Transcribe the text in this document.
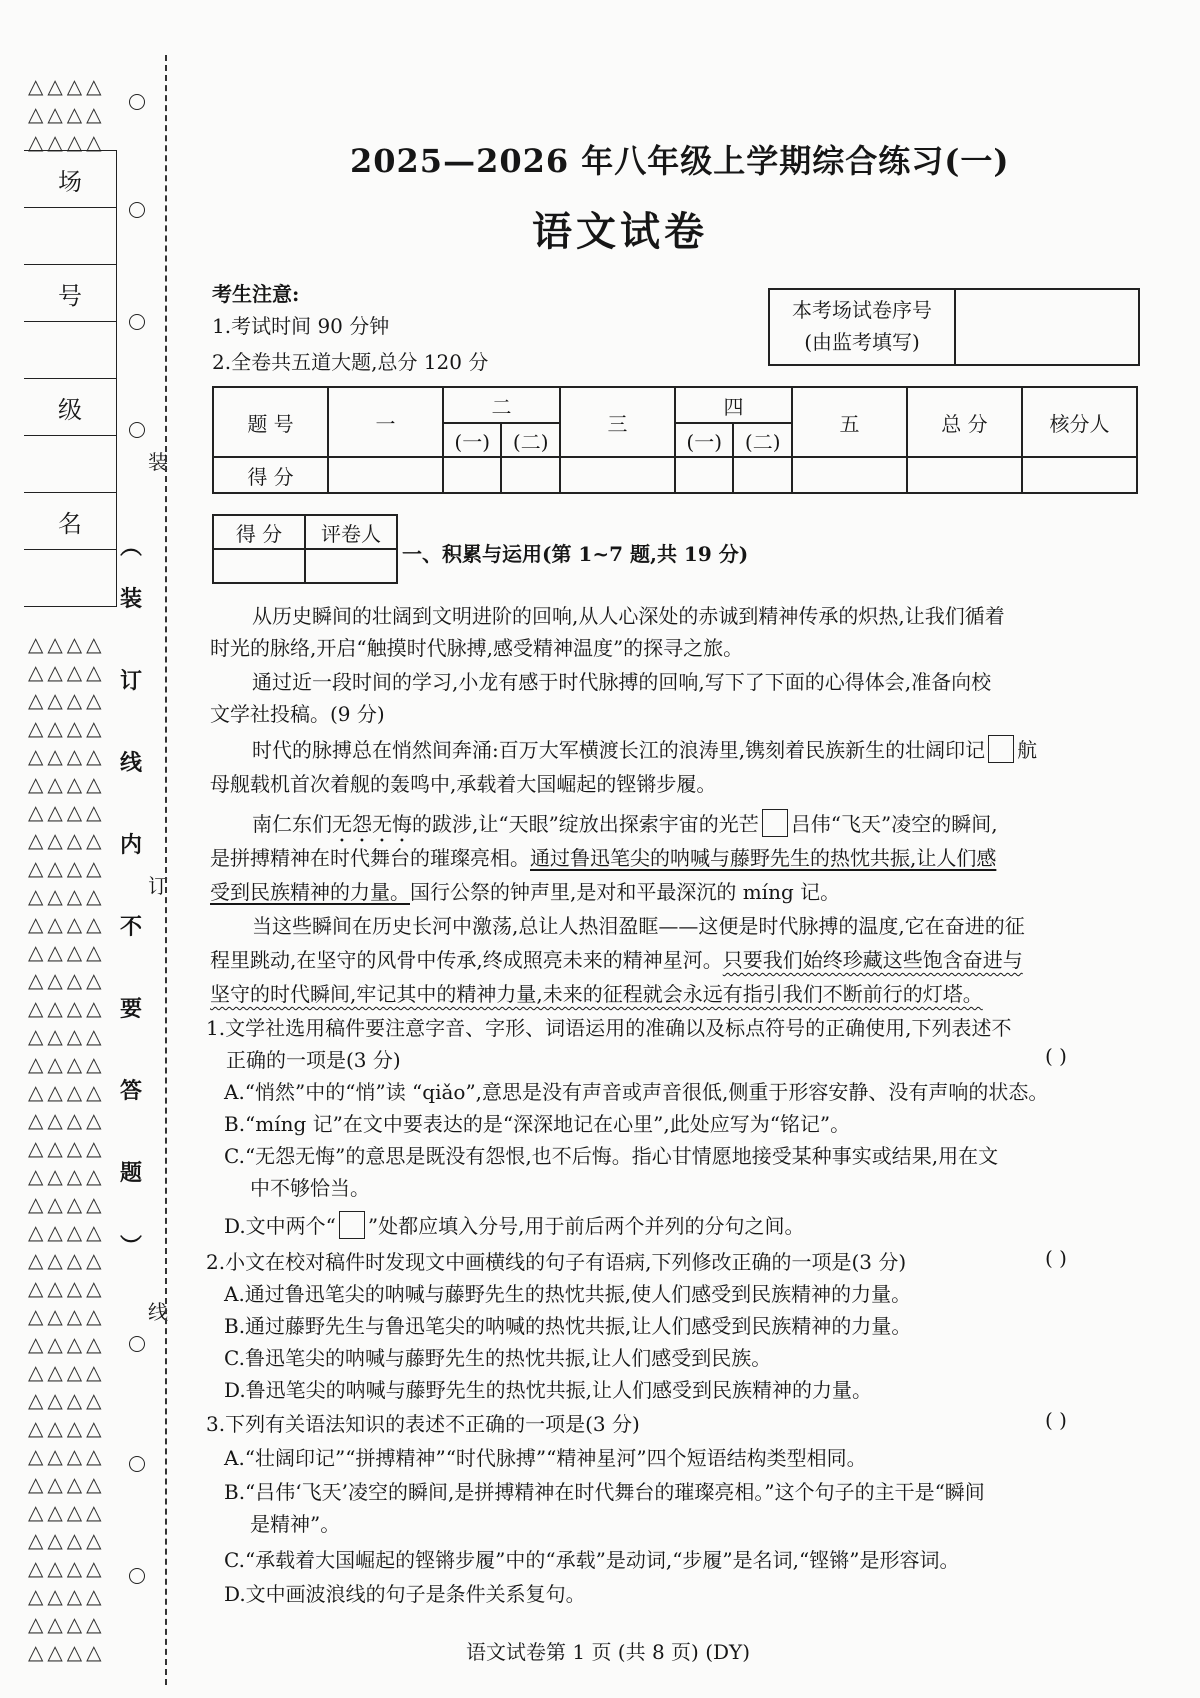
△△△△
△△△△
△△△△
场
号
级
名
△△△△
△△△△
△△△△
△△△△
△△△△
△△△△
△△△△
△△△△
△△△△
△△△△
△△△△
△△△△
△△△△
△△△△
△△△△
△△△△
△△△△
△△△△
△△△△
△△△△
△△△△
△△△△
△△△△
△△△△
△△△△
△△△△
△△△△
△△△△
△△△△
△△△△
△△△△
△△△△
△△△△
△△△△
△△△△
△△△△
△△△△
装
订
线
︵
装
订
线
内
不
要
答
题
︶
2025—2026 年八年级上学期综合练习(一)
语文试卷
考生注意:
1.考试时间 90 分钟
2.全卷共五道大题,总分 120 分
本考场试卷序号
(由监考填写)
题 号	一	二		三	四		五	总 分	核分人
		(一)	(二)		(一)	(二)			
得 分									
得 分	评卷人

一、积累与运用(第 1~7 题,共 19 分)
从历史瞬间的壮阔到文明进阶的回响,从人心深处的赤诚到精神传承的炽热,让我们循着
时光的脉络,开启“触摸时代脉搏,感受精神温度”的探寻之旅。
通过近一段时间的学习,小龙有感于时代脉搏的回响,写下了下面的心得体会,准备向校
文学社投稿。(9 分)
时代的脉搏总在悄然间奔涌:百万大军横渡长江的浪涛里,镌刻着民族新生的壮阔印记 航
母舰载机首次着舰的轰鸣中,承载着大国崛起的铿锵步履。
南仁东们无怨无悔的跋涉,让“天眼”绽放出探索宇宙的光芒 吕伟“飞天”凌空的瞬间,
是拼搏精神在时代舞台的璀璨亮相。通过鲁迅笔尖的呐喊与藤野先生的热忱共振,让人们感
受到民族精神的力量。国行公祭的钟声里,是对和平最深沉的 míng 记。
当这些瞬间在历史长河中激荡,总让人热泪盈眶——这便是时代脉搏的温度,它在奋进的征
程里跳动,在坚守的风骨中传承,终成照亮未来的精神星河。只要我们始终珍藏这些饱含奋进与
坚守的时代瞬间,牢记其中的精神力量,未来的征程就会永远有指引我们不断前行的灯塔。
1.文学社选用稿件要注意字音、字形、词语运用的准确以及标点符号的正确使用,下列表述不
正确的一项是(3 分)	( )
A.“悄然”中的“悄”读 “qiǎo”,意思是没有声音或声音很低,侧重于形容安静、没有声响的状态。
B.“míng 记”在文中要表达的是“深深地记在心里”,此处应写为“铭记”。
C.“无怨无悔”的意思是既没有怨恨,也不后悔。指心甘情愿地接受某种事实或结果,用在文
中不够恰当。
D.文中两个“ ”处都应填入分号,用于前后两个并列的分句之间。
2.小文在校对稿件时发现文中画横线的句子有语病,下列修改正确的一项是(3 分)	( )
A.通过鲁迅笔尖的呐喊与藤野先生的热忱共振,使人们感受到民族精神的力量。
B.通过藤野先生与鲁迅笔尖的呐喊的热忱共振,让人们感受到民族精神的力量。
C.鲁迅笔尖的呐喊与藤野先生的热忱共振,让人们感受到民族。
D.鲁迅笔尖的呐喊与藤野先生的热忱共振,让人们感受到民族精神的力量。
3.下列有关语法知识的表述不正确的一项是(3 分)	( )
A.“壮阔印记”“拼搏精神”“时代脉搏”“精神星河”四个短语结构类型相同。
B.“吕伟‘飞天’凌空的瞬间,是拼搏精神在时代舞台的璀璨亮相。”这个句子的主干是“瞬间
是精神”。
C.“承载着大国崛起的铿锵步履”中的“承载”是动词,“步履”是名词,“铿锵”是形容词。
D.文中画波浪线的句子是条件关系复句。
语文试卷第 1 页 (共 8 页) (DY)
